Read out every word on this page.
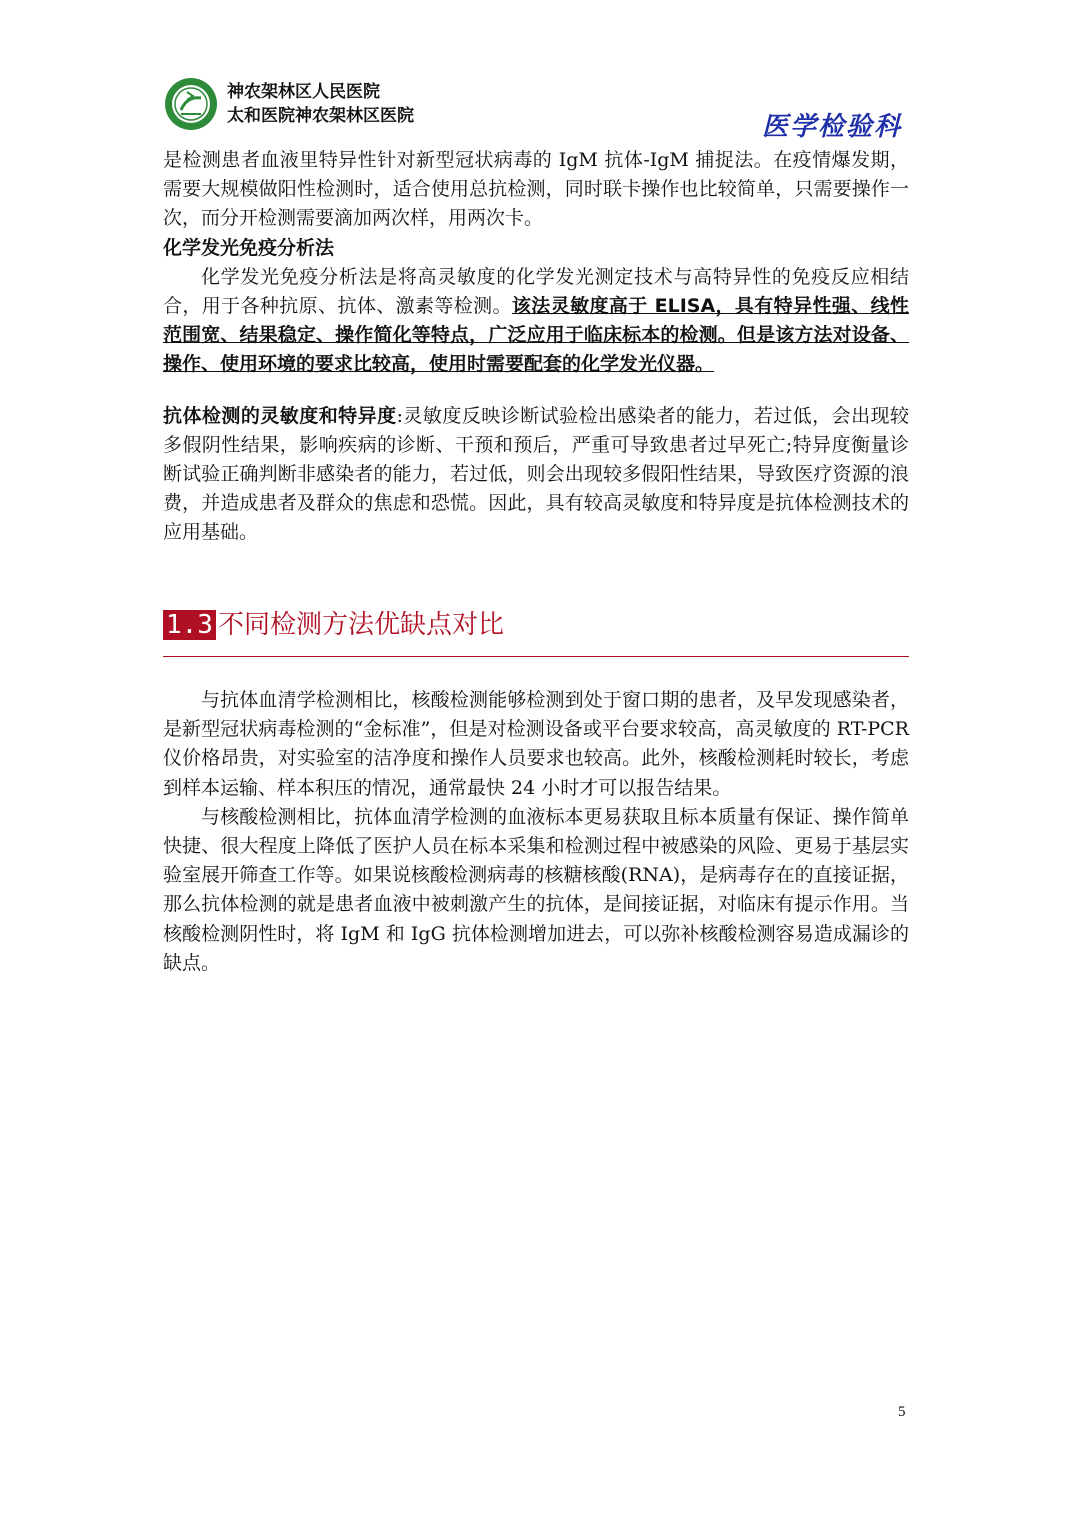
神农架林区人民医院
太和医院神农架林区医院	医学检验科

是检测患者血液里特异性针对新型冠状病毒的 IgM 抗体-IgM 捕捉法。在疫情爆发期，需要大规模做阳性检测时，适合使用总抗检测，同时联卡操作也比较简单，只需要操作一次，而分开检测需要滴加两次样，用两次卡。

化学发光免疫分析法

化学发光免疫分析法是将高灵敏度的化学发光测定技术与高特异性的免疫反应相结合，用于各种抗原、抗体、激素等检测。该法灵敏度高于 ELISA，具有特异性强、线性范围宽、结果稳定、操作简化等特点，广泛应用于临床标本的检测。但是该方法对设备、操作、使用环境的要求比较高，使用时需要配套的化学发光仪器。

抗体检测的灵敏度和特异度:灵敏度反映诊断试验检出感染者的能力，若过低，会出现较多假阴性结果，影响疾病的诊断、干预和预后，严重可导致患者过早死亡;特异度衡量诊断试验正确判断非感染者的能力，若过低，则会出现较多假阳性结果，导致医疗资源的浪费，并造成患者及群众的焦虑和恐慌。因此，具有较高灵敏度和特异度是抗体检测技术的应用基础。

1.3 不同检测方法优缺点对比

与抗体血清学检测相比，核酸检测能够检测到处于窗口期的患者，及早发现感染者，是新型冠状病毒检测的“金标准”，但是对检测设备或平台要求较高，高灵敏度的 RT-PCR 仪价格昂贵，对实验室的洁净度和操作人员要求也较高。此外，核酸检测耗时较长，考虑到样本运输、样本积压的情况，通常最快 24 小时才可以报告结果。

与核酸检测相比，抗体血清学检测的血液标本更易获取且标本质量有保证、操作简单快捷、很大程度上降低了医护人员在标本采集和检测过程中被感染的风险、更易于基层实验室展开筛查工作等。如果说核酸检测病毒的核糖核酸(RNA)，是病毒存在的直接证据，那么抗体检测的就是患者血液中被刺激产生的抗体，是间接证据，对临床有提示作用。当核酸检测阴性时，将 IgM 和 IgG 抗体检测增加进去，可以弥补核酸检测容易造成漏诊的缺点。

5
